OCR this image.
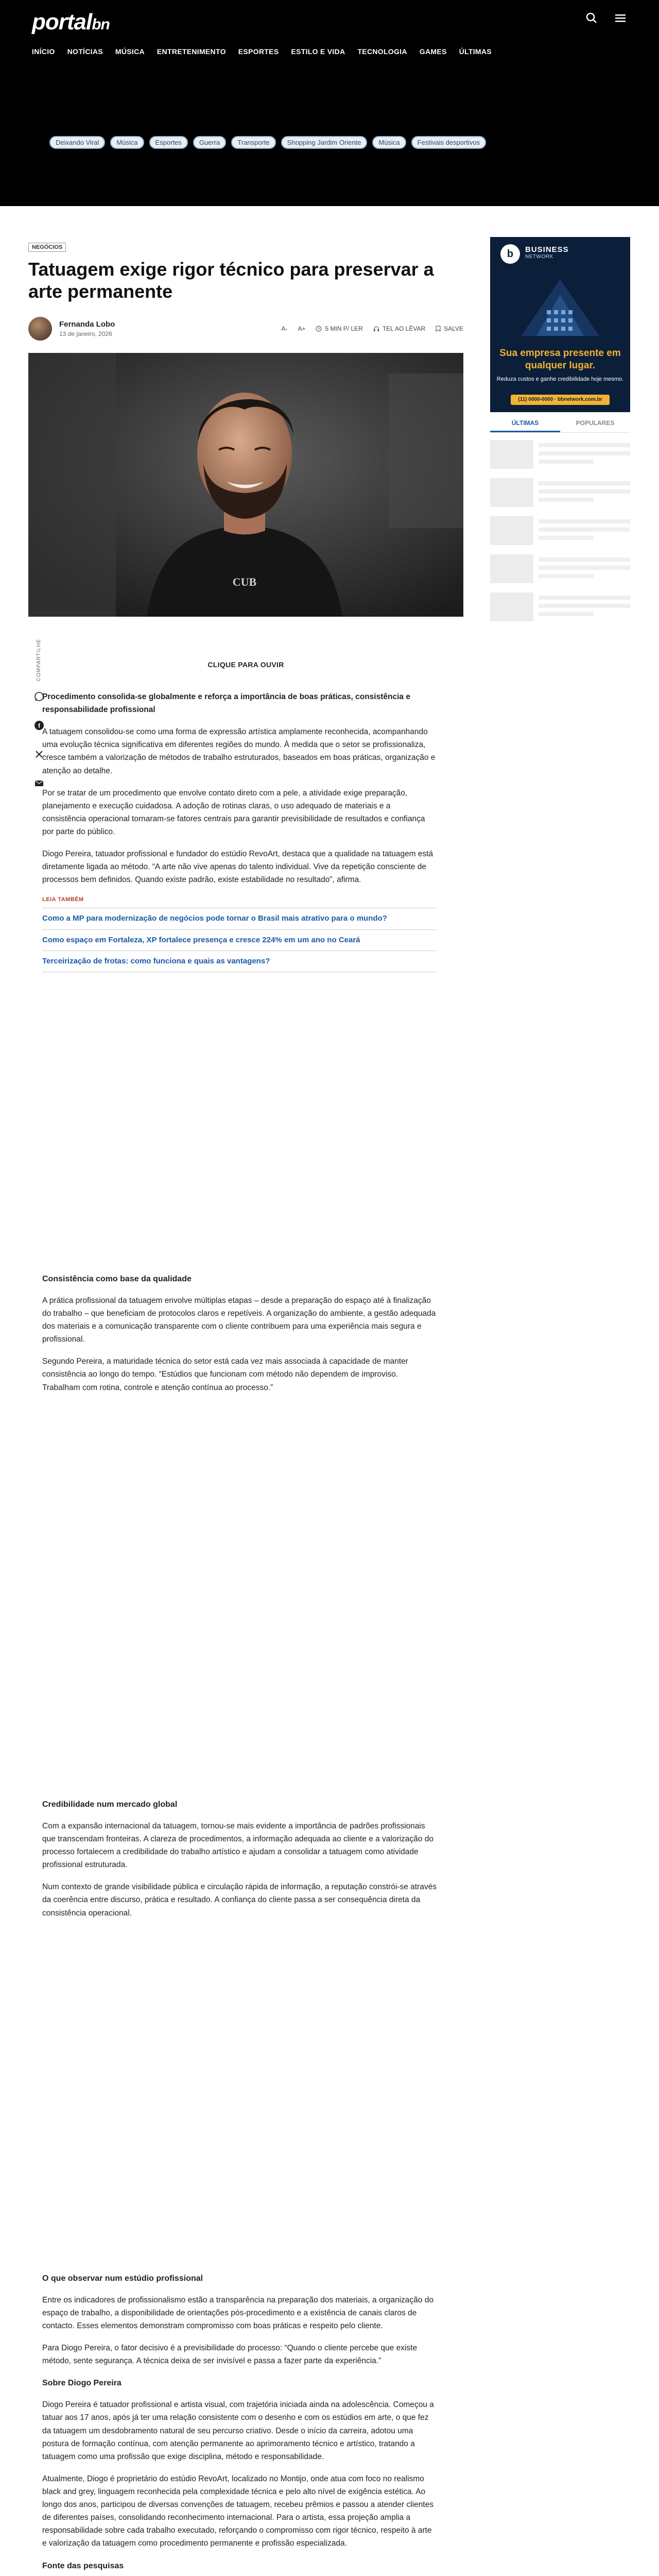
portalbn
INÍCIO NOTÍCIAS MÚSICA ENTRETENIMENTO ESPORTES ESTILO E VIDA TECNOLOGIA GAMES ÚLTIMAS
Deixando Viral	Música	Esportes	Guerra	Transporte	Shopping Jardim Oriente	Música	Festivais desportivos
NEGÓCIOS
Tatuagem exige rigor técnico para preservar a arte permanente
Fernanda Lobo
13 de janeiro, 2026
A- A+	5 MIN P/ LER	TEL AO LÊVAR	SALVE
CUB
CLIQUE PARA OUVIR
COMPARTILHE
f

Procedimento consolida-se globalmente e reforça a importância de boas práticas, consistência e responsabilidade profissional

A tatuagem consolidou-se como uma forma de expressão artística amplamente reconhecida, acompanhando uma evolução técnica significativa em diferentes regiões do mundo. À medida que o setor se profissionaliza, cresce também a valorização de métodos de trabalho estruturados, baseados em boas práticas, organização e atenção ao detalhe.

Por se tratar de um procedimento que envolve contato direto com a pele, a atividade exige preparação, planejamento e execução cuidadosa. A adoção de rotinas claras, o uso adequado de materiais e a consistência operacional tornaram-se fatores centrais para garantir previsibilidade de resultados e confiança por parte do público.

Diogo Pereira, tatuador profissional e fundador do estúdio RevoArt, destaca que a qualidade na tatuagem está diretamente ligada ao método. “A arte não vive apenas do talento individual. Vive da repetição consciente de processos bem definidos. Quando existe padrão, existe estabilidade no resultado”, afirma.

LEIA TAMBÉM
Como a MP para modernização de negócios pode tornar o Brasil mais atrativo para o mundo?
Como espaço em Fortaleza, XP fortalece presença e cresce 224% em um ano no Ceará
Terceirização de frotas: como funciona e quais as vantagens?
Consistência como base da qualidade

A prática profissional da tatuagem envolve múltiplas etapas – desde a preparação do espaço até à finalização do trabalho – que beneficiam de protocolos claros e repetíveis. A organização do ambiente, a gestão adequada dos materiais e a comunicação transparente com o cliente contribuem para uma experiência mais segura e profissional.

Segundo Pereira, a maturidade técnica do setor está cada vez mais associada à capacidade de manter consistência ao longo do tempo. “Estúdios que funcionam com método não dependem de improviso. Trabalham com rotina, controle e atenção contínua ao processo.”

Credibilidade num mercado global

Com a expansão internacional da tatuagem, tornou-se mais evidente a importância de padrões profissionais que transcendam fronteiras. A clareza de procedimentos, a informação adequada ao cliente e a valorização do processo fortalecem a credibilidade do trabalho artístico e ajudam a consolidar a tatuagem como atividade profissional estruturada.

Num contexto de grande visibilidade pública e circulação rápida de informação, a reputação constrói-se através da coerência entre discurso, prática e resultado. A confiança do cliente passa a ser consequência direta da consistência operacional.

O que observar num estúdio profissional

Entre os indicadores de profissionalismo estão a transparência na preparação dos materiais, a organização do espaço de trabalho, a disponibilidade de orientações pós-procedimento e a existência de canais claros de contacto. Esses elementos demonstram compromisso com boas práticas e respeito pelo cliente.

Para Diogo Pereira, o fator decisivo é a previsibilidade do processo: “Quando o cliente percebe que existe método, sente segurança. A técnica deixa de ser invisível e passa a fazer parte da experiência.”

Sobre Diogo Pereira

Diogo Pereira é tatuador profissional e artista visual, com trajetória iniciada ainda na adolescência. Começou a tatuar aos 17 anos, após já ter uma relação consistente com o desenho e com os estúdios em arte, o que fez da tatuagem um desdobramento natural de seu percurso criativo. Desde o início da carreira, adotou uma postura de formação contínua, com atenção permanente ao aprimoramento técnico e artístico, tratando a tatuagem como uma profissão que exige disciplina, método e responsabilidade.

Atualmente, Diogo é proprietário do estúdio RevoArt, localizado no Montijo, onde atua com foco no realismo black and grey, linguagem reconhecida pela complexidade técnica e pelo alto nível de exigência estética. Ao longo dos anos, participou de diversas convenções de tatuagem, recebeu prêmios e passou a atender clientes de diferentes países, consolidando reconhecimento internacional. Para o artista, essa projeção amplia a responsabilidade sobre cada trabalho executado, reforçando o compromisso com rigor técnico, respeito à arte e valorização da tatuagem como procedimento permanente e profissão especializada.

Fonte das pesquisas

b	BUSINESS
NETWORK
Sua empresa presente em qualquer lugar.
Reduza custos e ganhe credibilidade hoje mesmo.
(11) 0000-0000 · bbnetwork.com.br
ÚLTIMAS	POPULARES
